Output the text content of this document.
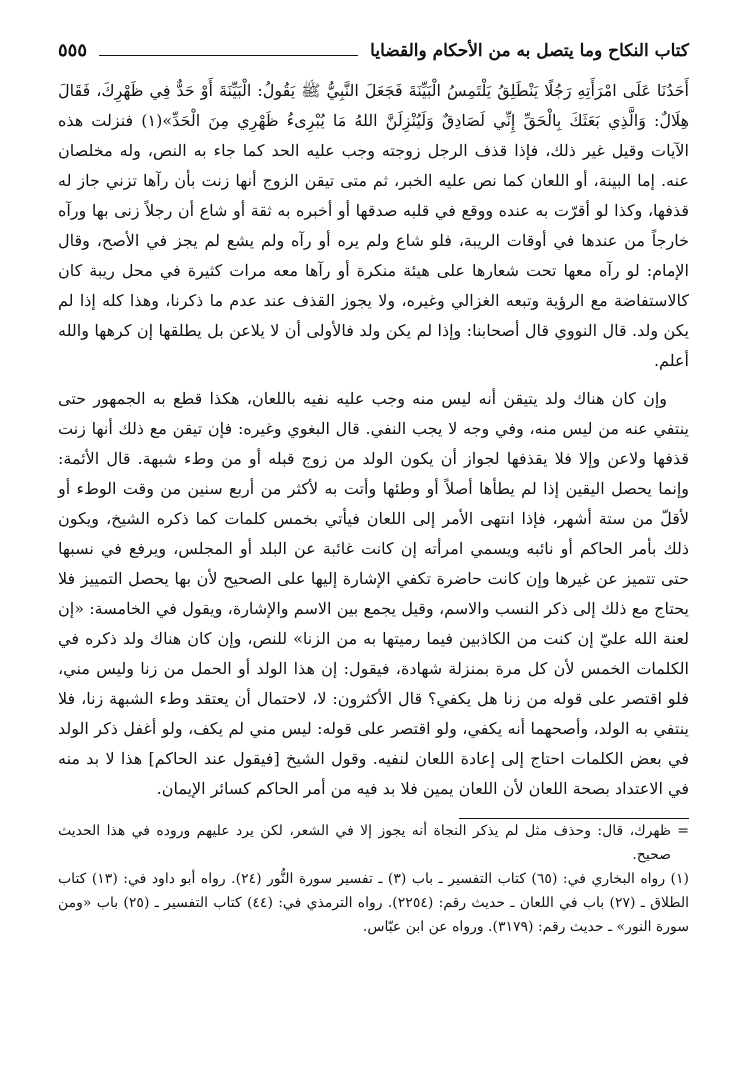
كتاب النكاح وما يتصل به من الأحكام والقضايا
٥٥٥

أَحَدُنَا عَلَى امْرَأَتِهِ رَجُلًا يَنْطَلِقُ يَلْتَمِسُ الْبَيِّنَةَ فَجَعَلَ النَّبِيُّ ﷺ يَقُولُ: الْبَيِّنَةَ أَوْ حَدٌّ فِي ظَهْرِكَ، فَقَالَ هِلَالٌ: وَالَّذِي بَعَثَكَ بِالْحَقِّ إِنِّي لَصَادِقٌ وَلَيُنْزِلَنَّ اللهُ مَا يُبْرِىءُ ظَهْرِي مِنَ الْحَدِّ»(١) فنزلت هذه الآيات وقيل غير ذلك، فإذا قذف الرجل زوجته وجب عليه الحد كما جاء به النص، وله مخلصان عنه. إما البينة، أو اللعان كما نص عليه الخبر، ثم متى تيقن الزوج أنها زنت بأن رآها تزني جاز له قذفها، وكذا لو أقرّت به عنده ووقع في قلبه صدقها أو أخبره به ثقة أو شاع أن رجلاً زنى بها ورآه خارجاً من عندها في أوقات الريبة، فلو شاع ولم يره أو رآه ولم يشع لم يجز في الأصح، وقال الإمام: لو رآه معها تحت شعارها على هيئة منكرة أو رآها معه مرات كثيرة في محل ريبة كان كالاستفاضة مع الرؤية وتبعه الغزالي وغيره، ولا يجوز القذف عند عدم ما ذكرنا، وهذا كله إذا لم يكن ولد. قال النووي قال أصحابنا: وإذا لم يكن ولد فالأولى أن لا يلاعن بل يطلقها إن كرهها والله أعلم.

وإن كان هناك ولد يتيقن أنه ليس منه وجب عليه نفيه باللعان، هكذا قطع به الجمهور حتى ينتفي عنه من ليس منه، وفي وجه لا يجب النفي. قال البغوي وغيره: فإن تيقن مع ذلك أنها زنت قذفها ولاعن وإلا فلا يقذفها لجواز أن يكون الولد من زوج قبله أو من وطء شبهة. قال الأئمة: وإنما يحصل اليقين إذا لم يطأها أصلاً أو وطئها وأتت به لأكثر من أربع سنين من وقت الوطء أو لأقلّ من ستة أشهر، فإذا انتهى الأمر إلى اللعان فيأتي بخمس كلمات كما ذكره الشيخ، ويكون ذلك بأمر الحاكم أو نائبه ويسمي امرأته إن كانت غائبة عن البلد أو المجلس، ويرفع في نسبها حتى تتميز عن غيرها وإن كانت حاضرة تكفي الإشارة إليها على الصحيح لأن بها يحصل التمييز فلا يحتاج مع ذلك إلى ذكر النسب والاسم، وقيل يجمع بين الاسم والإشارة، ويقول في الخامسة: «إن لعنة الله عليّ إن كنت من الكاذبين فيما رميتها به من الزنا» للنص، وإن كان هناك ولد ذكره في الكلمات الخمس لأن كل مرة بمنزلة شهادة، فيقول: إن هذا الولد أو الحمل من زنا وليس مني، فلو اقتصر على قوله من زنا هل يكفي؟ قال الأكثرون: لا، لاحتمال أن يعتقد وطء الشبهة زنا، فلا ينتفي به الولد، وأصحهما أنه يكفي، ولو اقتصر على قوله: ليس مني لم يكف، ولو أغفل ذكر الولد في بعض الكلمات احتاج إلى إعادة اللعان لنفيه. وقول الشيخ [فيقول عند الحاكم] هذا لا بد منه في الاعتداد بصحة اللعان لأن اللعان يمين فلا بد فيه من أمر الحاكم كسائر الإيمان.

=
ظهرك، قال: وحذف مثل لم يذكر النجاة أنه يجوز إلا في الشعر، لكن يرد عليهم وروده في هذا الحديث صحيح.

(١) رواه البخاري في: (٦٥) كتاب التفسير ـ باب (٣) ـ تفسير سورة النُّور (٢٤). رواه أبو داود في: (١٣) كتاب الطلاق ـ (٢٧) باب في اللعان ـ حديث رقم: (٢٢٥٤). رواه الترمذي في: (٤٤) كتاب التفسير ـ (٢٥) باب «ومن سورة النور» ـ حديث رقم: (٣١٧٩). ورواه عن ابن عبّاس.
